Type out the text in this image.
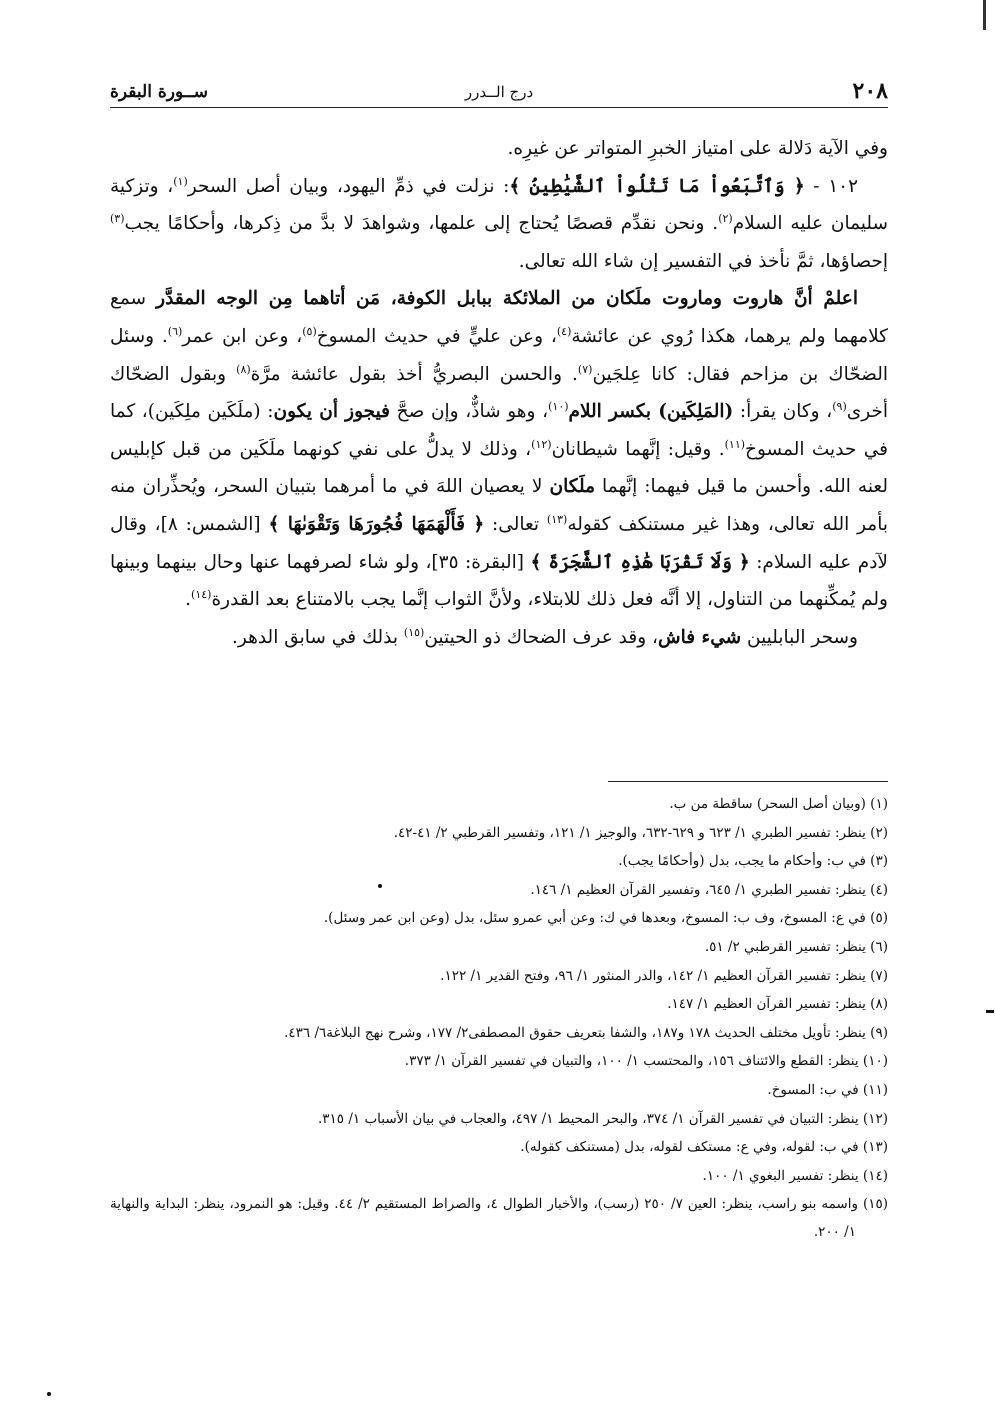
ســورة البقرة	درج الــدرر	٢٠٨

وفي الآية دَلالة على امتياز الخبرِ المتواتر عن غيرِه.

١٠٢ - ﴿ وَٱتَّبَعُواْ مَا تَتْلُواْ ٱلشَّيَٰطِينُ ﴾: نزلت في ذمِّ اليهود، وبيان أصل السحر$^{(١)}$، وتزكية سليمان عليه السلام$^{(٢)}$. ونحن نقدِّم قصصًا يُحتاج إلى علمها، وشواهدَ لا بدَّ من ذِكرها، وأحكامًا يجب$^{(٣)}$ إحصاؤها، ثمَّ نأخذ في التفسير إن شاء الله تعالى.

اعلمْ أنَّ هاروت وماروت ملَكان من الملائكة ببابل الكوفة، مَن أتاهما مِن الوجه المقدَّر سمع كلامهما ولم يرهما، هكذا رُوي عن عائشة$^{(٤)}$، وعن عليٍّ في حديث المسوخ$^{(٥)}$، وعن ابن عمر$^{(٦)}$. وسئل الضحّاك بن مزاحم فقال: كانا عِلجَين$^{(٧)}$. والحسن البصريُّ أخذ بقول عائشة مرَّة$^{(٨)}$ وبقول الضحّاك أخرى$^{(٩)}$، وكان يقرأ: (المَلِكَين) بكسر اللام$^{(١٠)}$، وهو شاذٌّ، وإن صحَّ فيجوز أن يكون: (ملَكَين ملِكَين)، كما في حديث المسوخ$^{(١١)}$. وقيل: إنَّهما شيطانان$^{(١٢)}$، وذلك لا يدلُّ على نفي كونهما ملَكَين من قبل كإبليس لعنه الله. وأحسن ما قيل فيهما: إنَّهما ملَكان لا يعصيان اللهَ في ما أمرهما بتبيان السحر، ويُحذِّران منه بأمر الله تعالى، وهذا غير مستنكف كقوله$^{(١٣)}$ تعالى: ﴿ فَأَلْهَمَهَا فُجُورَهَا وَتَقْوَىٰهَا ﴾ [الشمس: ٨]، وقال لآدم عليه السلام: ﴿ وَلَا تَقْرَبَا هَٰذِهِ ٱلشَّجَرَةَ ﴾ [البقرة: ٣٥]، ولو شاء لصرفهما عنها وحال بينهما وبينها ولم يُمكِّنهما من التناول، إلا أنَّه فعل ذلك للابتلاء، ولأنَّ الثواب إنَّما يجب بالامتناع بعد القدرة$^{(١٤)}$.

وسحر البابليين شيء فاش، وقد عرف الضحاك ذو الحيتين$^{(١٥)}$ بذلك في سابق الدهر.

(١) (وبيان أصل السحر) ساقطة من ب.

(٢) ينظر: تفسير الطبري ١/ ٦٢٣ و ٦٢٩-٦٣٢، والوجيز ١/ ١٢١، وتفسير القرطبي ٢/ ٤١-٤٢.

(٣) في ب: وأحكام ما يجب، بدل (وأحكامًا يجب).

(٤) ينظر: تفسير الطبري ١/ ٦٤٥، وتفسير القرآن العظيم ١/ ١٤٦.

(٥) في ع: المسوخ، وف ب: المسوخ، وبعدها في ك: وعن أبي عمرو سئل، بدل (وعن ابن عمر وسئل).

(٦) ينظر: تفسير القرطبي ٢/ ٥١.

(٧) ينظر: تفسير القرآن العظيم ١/ ١٤٢، والدر المنثور ١/ ٩٦، وفتح القدير ١/ ١٢٢.

(٨) ينظر: تفسير القرآن العظيم ١/ ١٤٧.

(٩) ينظر: تأويل مختلف الحديث ١٧٨ و١٨٧، والشفا بتعريف حقوق المصطفى٢/ ١٧٧، وشرح نهج البلاغة٦/ ٤٣٦.

(١٠) ينظر: القطع والائتناف ١٥٦، والمحتسب ١/ ١٠٠، والتبيان في تفسير القرآن ١/ ٣٧٣.

(١١) في ب: المسوخ.

(١٢) ينظر: التبيان في تفسير القرآن ١/ ٣٧٤، والبحر المحيط ١/ ٤٩٧، والعجاب في بيان الأسباب ١/ ٣١٥.

(١٣) في ب: لقوله، وفي ع: مستكف لقوله، بدل (مستنكف كقوله).

(١٤) ينظر: تفسير البغوي ١/ ١٠٠.

(١٥) واسمه بنو راسب، ينظر: العين ٧/ ٢٥٠ (رسب)، والأخبار الطوال ٤، والصراط المستقيم ٢/ ٤٤. وقيل: هو النمرود، ينظر: البداية والنهاية ١/ ٢٠٠.
